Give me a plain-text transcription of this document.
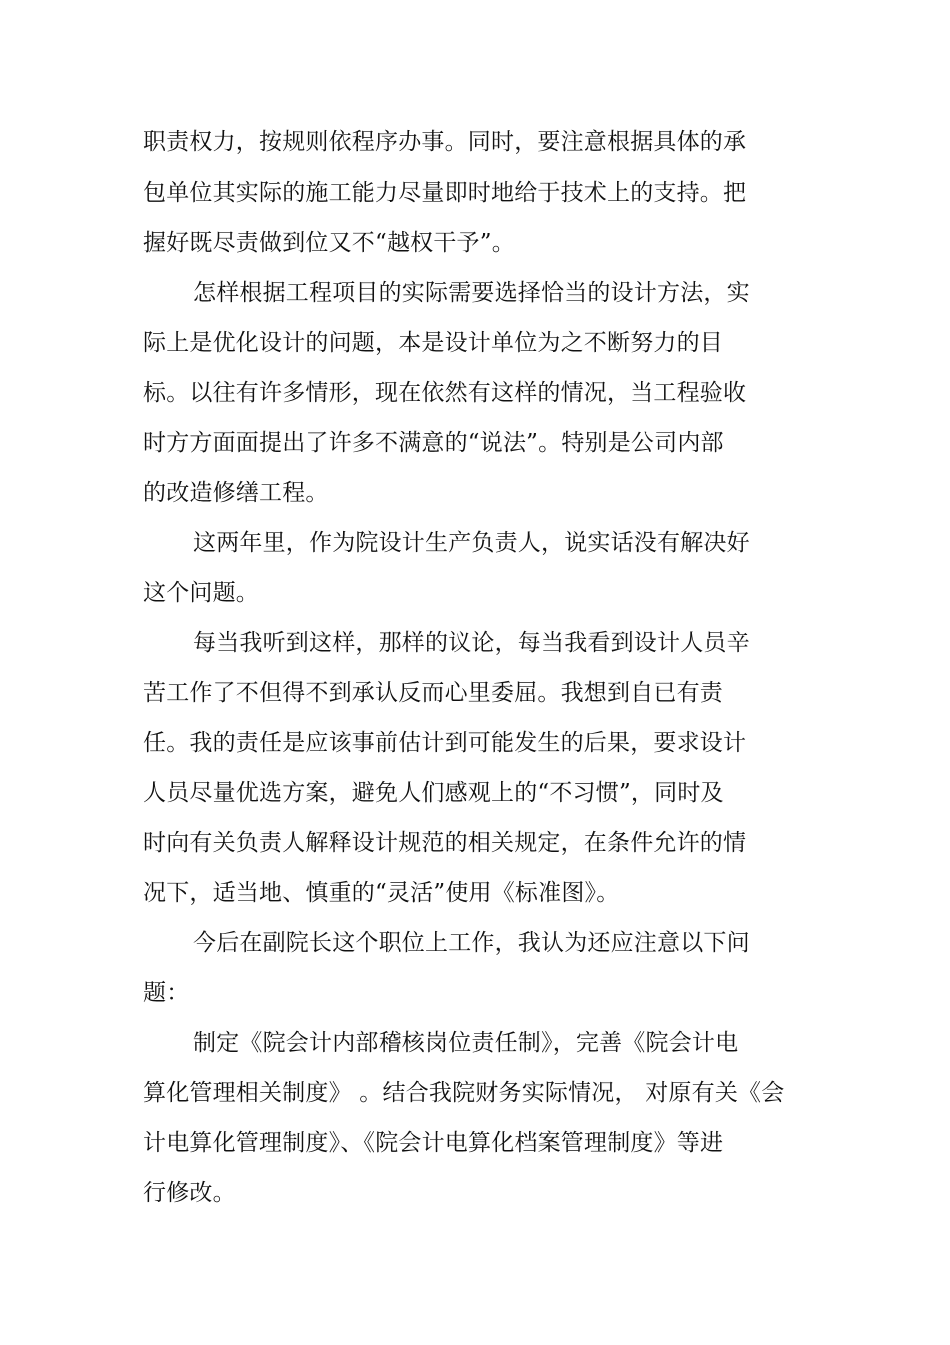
职责权力，按规则依程序办事。同时，要注意根据具体的承
包单位其实际的施工能力尽量即时地给于技术上的支持。把
握好既尽责做到位又不“越权干予”。
怎样根据工程项目的实际需要选择恰当的设计方法，实
际上是优化设计的问题，本是设计单位为之不断努力的目
标。以往有许多情形，现在依然有这样的情况，当工程验收
时方方面面提出了许多不满意的“说法”。特别是公司内部
的改造修缮工程。
这两年里，作为院设计生产负责人，说实话没有解决好
这个问题。
每当我听到这样，那样的议论，每当我看到设计人员辛
苦工作了不但得不到承认反而心里委屈。我想到自已有责
任。我的责任是应该事前估计到可能发生的后果，要求设计
人员尽量优选方案，避免人们感观上的“不习惯”，同时及
时向有关负责人解释设计规范的相关规定，在条件允许的情
况下，适当地、慎重的“灵活”使用《标准图》。
今后在副院长这个职位上工作，我认为还应注意以下问
题：
制定《院会计内部稽核岗位责任制》，完善《院会计电
算化管理相关制度》 。结合我院财务实际情况， 对原有关《会
计电算化管理制度》、《院会计电算化档案管理制度》等进
行修改。
